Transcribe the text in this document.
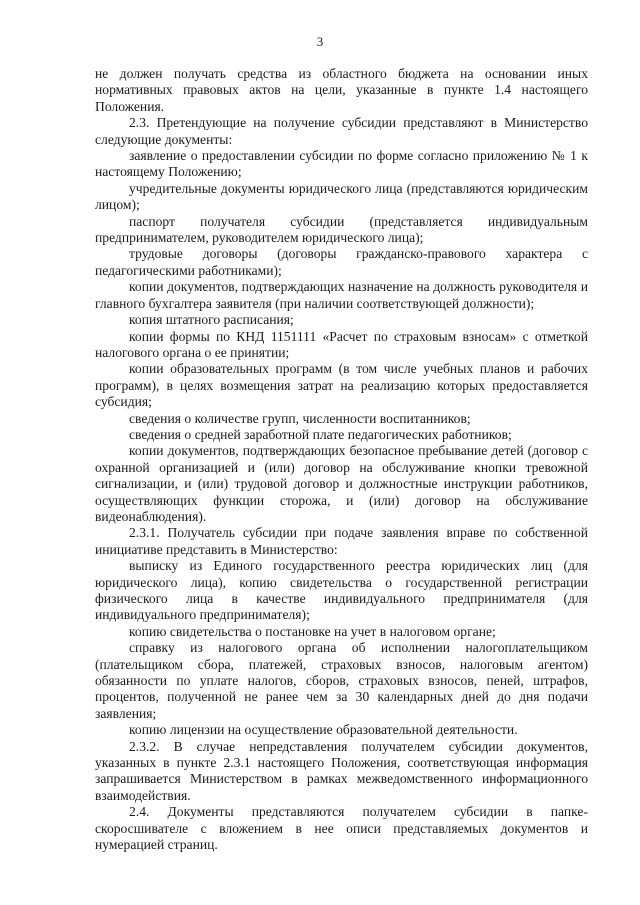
3

не должен получать средства из областного бюджета на основании иных нормативных правовых актов на цели, указанные в пункте 1.4 настоящего Положения.

2.3. Претендующие на получение субсидии представляют в Министерство следующие документы:

заявление о предоставлении субсидии по форме согласно приложению № 1 к настоящему Положению;

учредительные документы юридического лица (представляются юридическим лицом);

паспорт получателя субсидии (представляется индивидуальным предпринимателем, руководителем юридического лица);

трудовые договоры (договоры гражданско-правового характера с педагогическими работниками);

копии документов, подтверждающих назначение на должность руководителя и главного бухгалтера заявителя (при наличии соответствующей должности);

копия штатного расписания;

копии формы по КНД 1151111 «Расчет по страховым взносам» с отметкой налогового органа о ее принятии;

копии образовательных программ (в том числе учебных планов и рабочих программ), в целях возмещения затрат на реализацию которых предоставляется субсидия;

сведения о количестве групп, численности воспитанников;

сведения о средней заработной плате педагогических работников;

копии документов, подтверждающих безопасное пребывание детей (договор с охранной организацией и (или) договор на обслуживание кнопки тревожной сигнализации, и (или) трудовой договор и должностные инструкции работников, осуществляющих функции сторожа, и (или) договор на обслуживание видеонаблюдения).

2.3.1. Получатель субсидии при подаче заявления вправе по собственной инициативе представить в Министерство:

выписку из Единого государственного реестра юридических лиц (для юридического лица), копию свидетельства о государственной регистрации физического лица в качестве индивидуального предпринимателя (для индивидуального предпринимателя);

копию свидетельства о постановке на учет в налоговом органе;

справку из налогового органа об исполнении налогоплательщиком (плательщиком сбора, платежей, страховых взносов, налоговым агентом) обязанности по уплате налогов, сборов, страховых взносов, пеней, штрафов, процентов, полученной не ранее чем за 30 календарных дней до дня подачи заявления;

копию лицензии на осуществление образовательной деятельности.

2.3.2. В случае непредставления получателем субсидии документов, указанных в пункте 2.3.1 настоящего Положения, соответствующая информация запрашивается Министерством в рамках межведомственного информационного взаимодействия.

2.4. Документы представляются получателем субсидии в папке-скоросшивателе с вложением в нее описи представляемых документов и нумерацией страниц.
